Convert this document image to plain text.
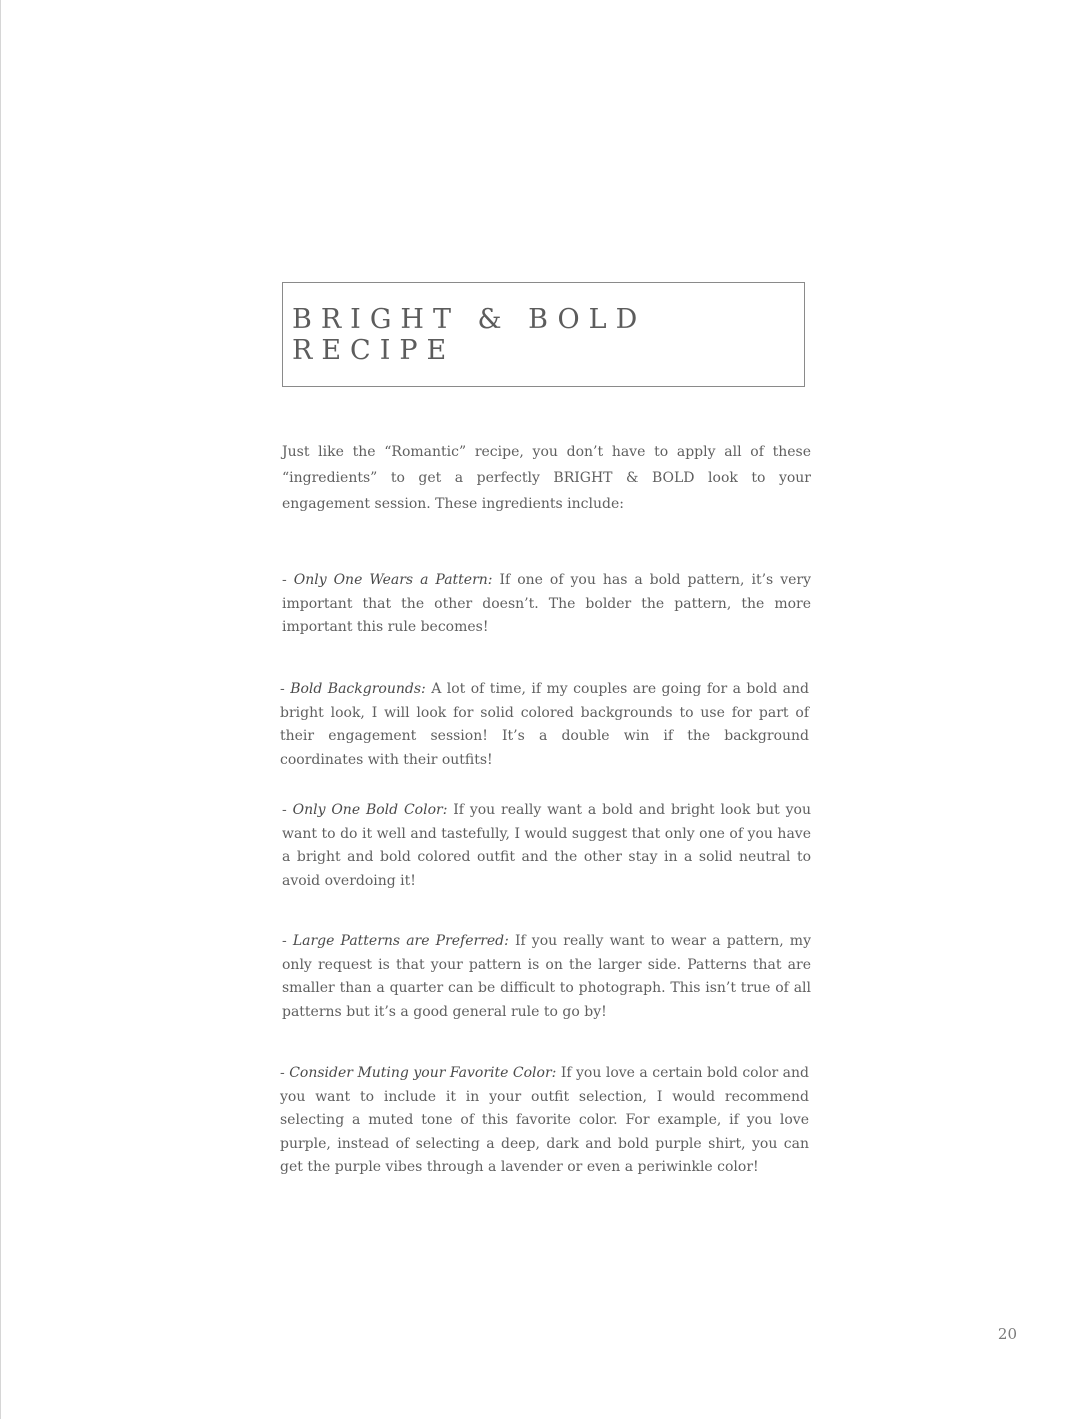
BRIGHT & BOLD RECIPE

Just like the “Romantic” recipe, you don’t have to apply all of these “ingredients” to get a perfectly BRIGHT & BOLD look to your engagement session. These ingredients include:

- Only One Wears a Pattern: If one of you has a bold pattern, it’s very important that the other doesn’t. The bolder the pattern, the more important this rule becomes!

- Bold Backgrounds: A lot of time, if my couples are going for a bold and bright look, I will look for solid colored backgrounds to use for part of their engagement session! It’s a double win if the background coordinates with their outfits!

- Only One Bold Color: If you really want a bold and bright look but you want to do it well and tastefully, I would suggest that only one of you have a bright and bold colored outfit and the other stay in a solid neutral to avoid overdoing it!

- Large Patterns are Preferred: If you really want to wear a pattern, my only request is that your pattern is on the larger side. Patterns that are smaller than a quarter can be difficult to photograph. This isn’t true of all patterns but it’s a good general rule to go by!

- Consider Muting your Favorite Color: If you love a certain bold color and you want to include it in your outfit selection, I would recommend selecting a muted tone of this favorite color. For example, if you love purple, instead of selecting a deep, dark and bold purple shirt, you can get the purple vibes through a lavender or even a periwinkle color!

20
